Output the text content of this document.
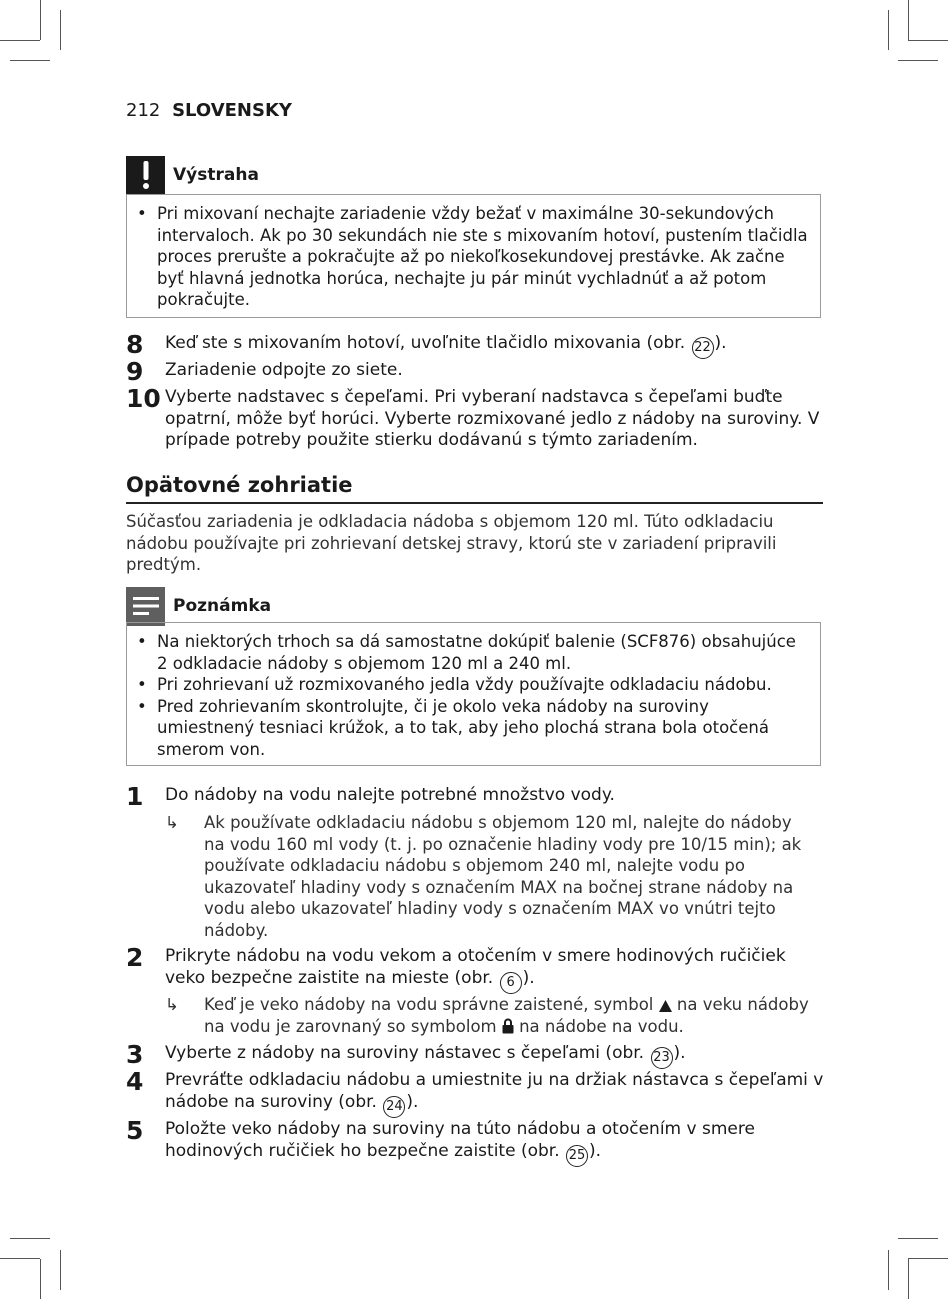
212 SLOVENSKY
Výstraha
• Pri mixovaní nechajte zariadenie vždy bežať v maximálne 30-sekundových intervaloch. Ak po 30 sekundách nie ste s mixovaním hotoví, pustením tlačidla proces prerušte a pokračujte až po niekoľkosekundovej prestávke. Ak začne byť hlavná jednotka horúca, nechajte ju pár minút vychladnúť a až potom pokračujte.
8	Keď ste s mixovaním hotoví, uvoľnite tlačidlo mixovania (obr. 22 ).
9	Zariadenie odpojte zo siete.
10 Vyberte nadstavec s čepeľami. Pri vyberaní nadstavca s čepeľami buďte opatrní, môže byť horúci. Vyberte rozmixované jedlo z nádoby na suroviny. V prípade potreby použite stierku dodávanú s týmto zariadením.
Opätovné zohriatie
Súčasťou zariadenia je odkladacia nádoba s objemom 120 ml. Túto odkladaciu nádobu používajte pri zohrievaní detskej stravy, ktorú ste v zariadení pripravili predtým.
Poznámka
• Na niektorých trhoch sa dá samostatne dokúpiť balenie (SCF876) obsahujúce 2 odkladacie nádoby s objemom 120 ml a 240 ml.
• Pri zohrievaní už rozmixovaného jedla vždy používajte odkladaciu nádobu.
• Pred zohrievaním skontrolujte, či je okolo veka nádoby na suroviny umiestnený tesniaci krúžok, a to tak, aby jeho plochá strana bola otočená smerom von.
1	Do nádoby na vodu nalejte potrebné množstvo vody.
↳	Ak používate odkladaciu nádobu s objemom 120 ml, nalejte do nádoby na vodu 160 ml vody (t. j. po označenie hladiny vody pre 10/15 min); ak používate odkladaciu nádobu s objemom 240 ml, nalejte vodu po ukazovateľ hladiny vody s označením MAX na bočnej strane nádoby na vodu alebo ukazovateľ hladiny vody s označením MAX vo vnútri tejto nádoby.
2	Prikryte nádobu na vodu vekom a otočením v smere hodinových ručičiek veko bezpečne zaistite na mieste (obr. 6 ).
↳	Keď je veko nádoby na vodu správne zaistené, symbol  na veku nádoby na vodu je zarovnaný so symbolom  na nádobe na vodu.
3	Vyberte z nádoby na suroviny nástavec s čepeľami (obr. 23 ).
4	Prevráťte odkladaciu nádobu a umiestnite ju na držiak nástavca s čepeľami v nádobe na suroviny (obr. 24 ).
5	Položte veko nádoby na suroviny na túto nádobu a otočením v smere hodinových ručičiek ho bezpečne zaistite (obr. 25 ).
